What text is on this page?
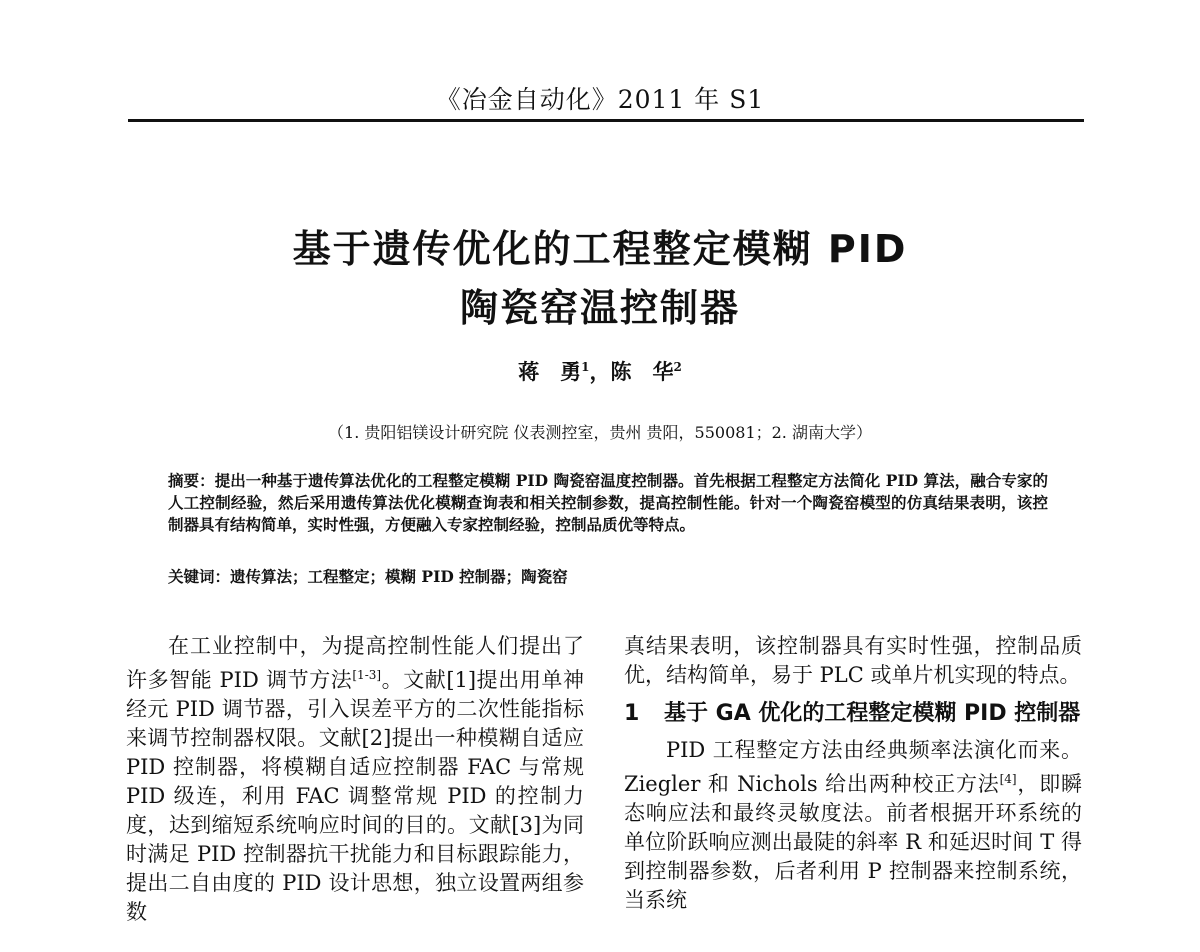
《冶金自动化》2011 年 S1
基于遗传优化的工程整定模糊 PID
陶瓷窑温控制器
蒋　勇$^1$，陈　华$^2$
（1. 贵阳铝镁设计研究院 仪表测控室，贵州 贵阳，550081；2. 湖南大学）
摘要：提出一种基于遗传算法优化的工程整定模糊 PID 陶瓷窑温度控制器。首先根据工程整定方法简化 PID 算法，融合专家的人工控制经验，然后采用遗传算法优化模糊查询表和相关控制参数，提高控制性能。针对一个陶瓷窑模型的仿真结果表明，该控制器具有结构简单，实时性强，方便融入专家控制经验，控制品质优等特点。
关键词：遗传算法；工程整定；模糊 PID 控制器；陶瓷窑

在工业控制中，为提高控制性能人们提出了许多智能 PID 调节方法[1-3]。文献[1]提出用单神经元 PID 调节器，引入误差平方的二次性能指标来调节控制器权限。文献[2]提出一种模糊自适应 PID 控制器，将模糊自适应控制器 FAC 与常规 PID 级连，利用 FAC 调整常规 PID 的控制力度，达到缩短系统响应时间的目的。文献[3]为同时满足 PID 控制器抗干扰能力和目标跟踪能力，提出二自由度的 PID 设计思想，独立设置两组参数

真结果表明，该控制器具有实时性强，控制品质优，结构简单，易于 PLC 或单片机实现的特点。

1	基于 GA 优化的工程整定模糊 PID 控制器

PID 工程整定方法由经典频率法演化而来。Ziegler 和 Nichols 给出两种校正方法[4]，即瞬态响应法和最终灵敏度法。前者根据开环系统的单位阶跃响应测出最陡的斜率 R 和延迟时间 T 得到控制器参数，后者利用 P 控制器来控制系统，当系统
